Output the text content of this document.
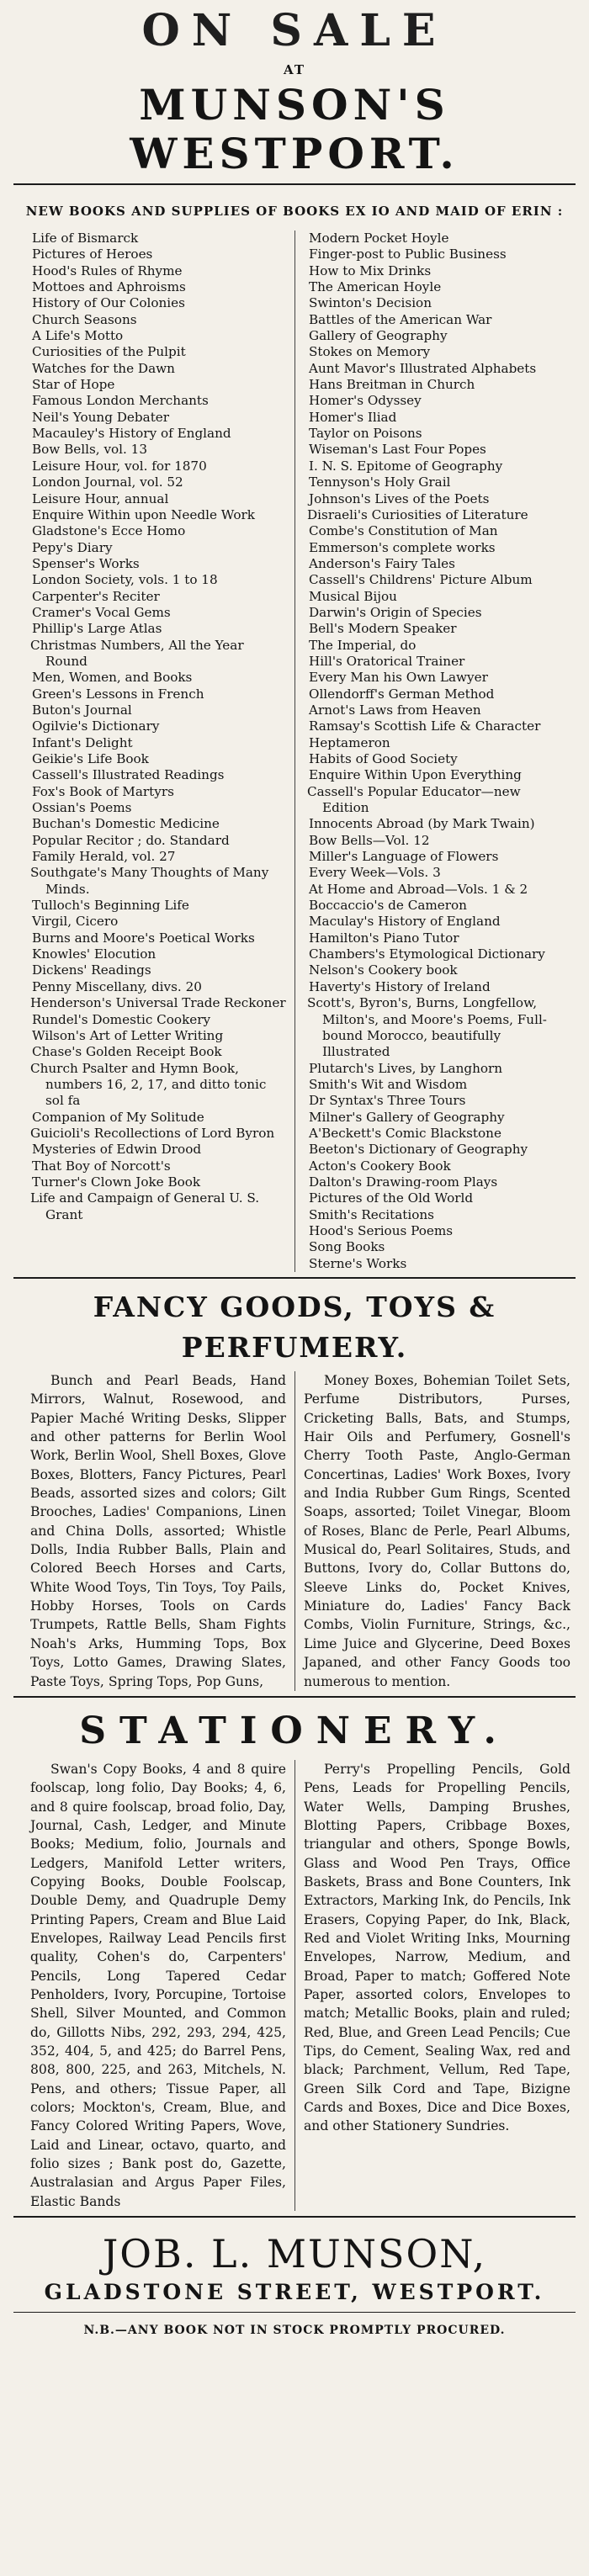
ON SALE
AT
MUNSON'S WESTPORT.
NEW BOOKS AND SUPPLIES OF BOOKS EX IO AND MAID OF ERIN :
Life of Bismarck
Pictures of Heroes
Hood's Rules of Rhyme
Mottoes and Aphroisms
History of Our Colonies
Church Seasons
A Life's Motto
Curiosities of the Pulpit
Watches for the Dawn
Star of Hope
Famous London Merchants
Neil's Young Debater
Macauley's History of England
Bow Bells, vol. 13
Leisure Hour, vol. for 1870
London Journal, vol. 52
Leisure Hour, annual
Enquire Within upon Needle Work
Gladstone's Ecce Homo
Pepy's Diary
Spenser's Works
London Society, vols. 1 to 18
Carpenter's Reciter
Cramer's Vocal Gems
Phillip's Large Atlas
Christmas Numbers, All the Year Round
Men, Women, and Books
Green's Lessons in French
Buton's Journal
Ogilvie's Dictionary
Infant's Delight
Geikie's Life Book
Cassell's Illustrated Readings
Fox's Book of Martyrs
Ossian's Poems
Buchan's Domestic Medicine
Popular Recitor ; do. Standard
Family Herald, vol. 27
Southgate's Many Thoughts of Many Minds.
Tulloch's Beginning Life
Virgil, Cicero
Burns and Moore's Poetical Works
Knowles' Elocution
Dickens' Readings
Penny Miscellany, divs. 20
Henderson's Universal Trade Reckoner
Rundel's Domestic Cookery
Wilson's Art of Letter Writing
Chase's Golden Receipt Book
Church Psalter and Hymn Book, numbers 16, 2, 17, and ditto tonic sol fa
Companion of My Solitude
Guicioli's Recollections of Lord Byron
Mysteries of Edwin Drood
That Boy of Norcott's
Turner's Clown Joke Book
Life and Campaign of General U. S. Grant
Modern Pocket Hoyle
Finger-post to Public Business
How to Mix Drinks
The American Hoyle
Swinton's Decision
Battles of the American War
Gallery of Geography
Stokes on Memory
Aunt Mavor's Illustrated Alphabets
Hans Breitman in Church
Homer's Odyssey
Homer's Iliad
Taylor on Poisons
Wiseman's Last Four Popes
I. N. S. Epitome of Geography
Tennyson's Holy Grail
Johnson's Lives of the Poets
Disraeli's Curiosities of Literature
Combe's Constitution of Man
Emmerson's complete works
Anderson's Fairy Tales
Cassell's Childrens' Picture Album
Musical Bijou
Darwin's Origin of Species
Bell's Modern Speaker
The Imperial, do
Hill's Oratorical Trainer
Every Man his Own Lawyer
Ollendorff's German Method
Arnot's Laws from Heaven
Ramsay's Scottish Life & Character
Heptameron
Habits of Good Society
Enquire Within Upon Everything
Cassell's Popular Educator—new Edition
Innocents Abroad (by Mark Twain)
Bow Bells—Vol. 12
Miller's Language of Flowers
Every Week—Vols. 3
At Home and Abroad—Vols. 1 & 2
Boccaccio's de Cameron
Maculay's History of England
Hamilton's Piano Tutor
Chambers's Etymological Dictionary
Nelson's Cookery book
Haverty's History of Ireland
Scott's, Byron's, Burns, Longfellow, Milton's, and Moore's Poems, Full-bound Morocco, beautifully Illustrated
Plutarch's Lives, by Langhorn
Smith's Wit and Wisdom
Dr Syntax's Three Tours
Milner's Gallery of Geography
A'Beckett's Comic Blackstone
Beeton's Dictionary of Geography
Acton's Cookery Book
Dalton's Drawing-room Plays
Pictures of the Old World
Smith's Recitations
Hood's Serious Poems
Song Books
Sterne's Works
FANCY GOODS, TOYS & PERFUMERY.

Bunch and Pearl Beads, Hand Mirrors, Walnut, Rosewood, and Papier Maché Writing Desks, Slipper and other patterns for Berlin Wool Work, Berlin Wool, Shell Boxes, Glove Boxes, Blotters, Fancy Pictures, Pearl Beads, assorted sizes and colors; Gilt Brooches, Ladies' Companions, Linen and China Dolls, assorted; Whistle Dolls, India Rubber Balls, Plain and Colored Beech Horses and Carts, White Wood Toys, Tin Toys, Toy Pails, Hobby Horses, Tools on Cards Trumpets, Rattle Bells, Sham Fights Noah's Arks, Humming Tops, Box Toys, Lotto Games, Drawing Slates, Paste Toys, Spring Tops, Pop Guns,

Money Boxes, Bohemian Toilet Sets, Perfume Distributors, Purses, Cricketing Balls, Bats, and Stumps, Hair Oils and Perfumery, Gosnell's Cherry Tooth Paste, Anglo-German Concertinas, Ladies' Work Boxes, Ivory and India Rubber Gum Rings, Scented Soaps, assorted; Toilet Vinegar, Bloom of Roses, Blanc de Perle, Pearl Albums, Musical do, Pearl Solitaires, Studs, and Buttons, Ivory do, Collar Buttons do, Sleeve Links do, Pocket Knives, Miniature do, Ladies' Fancy Back Combs, Violin Furniture, Strings, &c., Lime Juice and Glycerine, Deed Boxes Japaned, and other Fancy Goods too numerous to mention.

STATIONERY.

Swan's Copy Books, 4 and 8 quire foolscap, long folio, Day Books; 4, 6, and 8 quire foolscap, broad folio, Day, Journal, Cash, Ledger, and Minute Books; Medium, folio, Journals and Ledgers, Manifold Letter writers, Copying Books, Double Foolscap, Double Demy, and Quadruple Demy Printing Papers, Cream and Blue Laid Envelopes, Railway Lead Pencils first quality, Cohen's do, Carpenters' Pencils, Long Tapered Cedar Penholders, Ivory, Porcupine, Tortoise Shell, Silver Mounted, and Common do, Gillotts Nibs, 292, 293, 294, 425, 352, 404, 5, and 425; do Barrel Pens, 808, 800, 225, and 263, Mitchels, N. Pens, and others; Tissue Paper, all colors; Mockton's, Cream, Blue, and Fancy Colored Writing Papers, Wove, Laid and Linear, octavo, quarto, and folio sizes ; Bank post do, Gazette, Australasian and Argus Paper Files, Elastic Bands

Perry's Propelling Pencils, Gold Pens, Leads for Propelling Pencils, Water Wells, Damping Brushes, Blotting Papers, Cribbage Boxes, triangular and others, Sponge Bowls, Glass and Wood Pen Trays, Office Baskets, Brass and Bone Counters, Ink Extractors, Marking Ink, do Pencils, Ink Erasers, Copying Paper, do Ink, Black, Red and Violet Writing Inks, Mourning Envelopes, Narrow, Medium, and Broad, Paper to match; Goffered Note Paper, assorted colors, Envelopes to match; Metallic Books, plain and ruled; Red, Blue, and Green Lead Pencils; Cue Tips, do Cement, Sealing Wax, red and black; Parchment, Vellum, Red Tape, Green Silk Cord and Tape, Bizigne Cards and Boxes, Dice and Dice Boxes, and other Stationery Sundries.

JOB. L. MUNSON,
GLADSTONE STREET, WESTPORT.
N.B.—ANY BOOK NOT IN STOCK PROMPTLY PROCURED.
